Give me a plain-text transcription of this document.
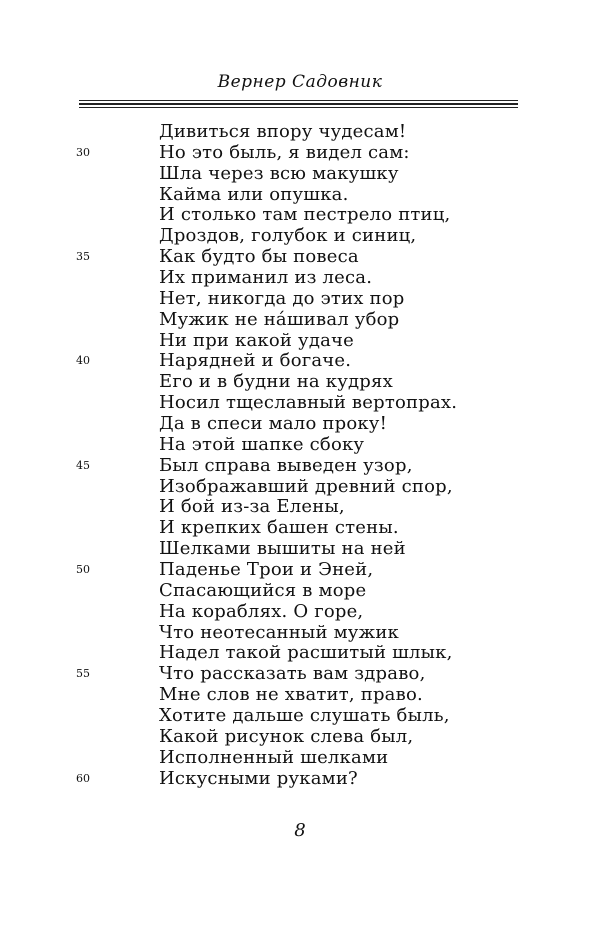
Вернер Садовник
Дивиться впору чудесам!
30	Но это быль, я видел сам:
Шла через всю макушку
Кайма или опушка.
И столько там пестрело птиц,
Дроздов, голубок и синиц,
35	Как будто бы повеса
Их приманил из леса.
Нет, никогда до этих пор
Мужик не нáшивал убор
Ни при какой удаче
40	Нарядней и богаче.
Его и в будни на кудрях
Носил тщеславный вертопрах.
Да в спеси мало проку!
На этой шапке сбоку
45	Был справа выведен узор,
Изображавший древний спор,
И бой из-за Елены,
И крепких башен стены.
Шелками вышиты на ней
50	Паденье Трои и Эней,
Спасающийся в море
На кораблях. О горе,
Что неотесанный мужик
Надел такой расшитый шлык,
55	Что рассказать вам здраво,
Мне слов не хватит, право.
Хотите дальше слушать быль,
Какой рисунок слева был,
Исполненный шелками
60	Искусными руками?
8
